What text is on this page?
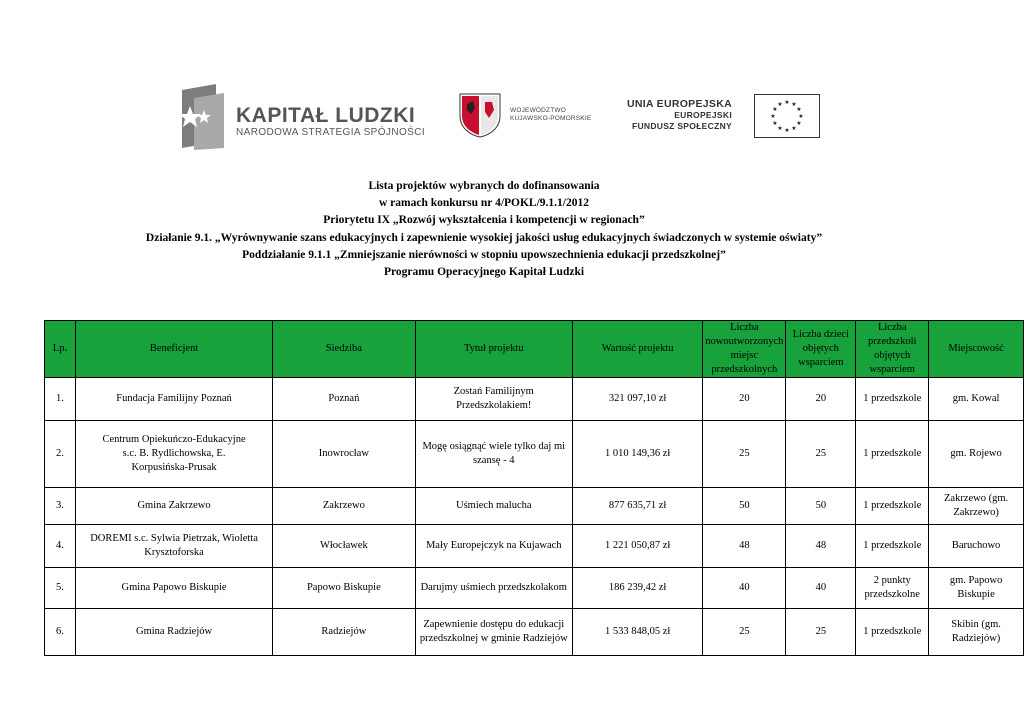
KAPITAŁ LUDZKI
NARODOWA STRATEGIA SPÓJNOŚCI
WOJEWÓDZTWO
KUJAWSKO-POMORSKIE
UNIA EUROPEJSKA
EUROPEJSKI
FUNDUSZ SPOŁECZNY
★ ★
★
★
★
★
★
★
★
★
★
★
Lista projektów wybranych do dofinansowania
w ramach konkursu nr 4/POKL/9.1.1/2012
Priorytetu IX „Rozwój wykształcenia i kompetencji w regionach”
Działanie 9.1. „Wyrównywanie szans edukacyjnych i zapewnienie wysokiej jakości usług edukacyjnych świadczonych w systemie oświaty”
Poddziałanie 9.1.1 „Zmniejszanie nierówności w stopniu upowszechnienia edukacji przedszkolnej”
Programu Operacyjnego Kapitał Ludzki
Lp.	Beneficjent	Siedziba	Tytuł projektu	Wartość projektu	Liczba nowoutworzonych miejsc przedszkolnych	Liczba dzieci objętych wsparciem	Liczba przedszkoli objętych wsparciem	Miejscowość
1.	Fundacja Familijny Poznań	Poznań	Zostań Familijnym Przedszkolakiem!	321 097,10 zł	20	20	1 przedszkole	gm. Kowal
2.	Centrum Opiekuńczo-Edukacyjne s.c. B. Rydlichowska, E. Korpusińska-Prusak	Inowrocław	Mogę osiągnąć wiele tylko daj mi szansę - 4	1 010 149,36 zł	25	25	1 przedszkole	gm. Rojewo
3.	Gmina Zakrzewo	Zakrzewo	Uśmiech malucha	877 635,71 zł	50	50	1 przedszkole	Zakrzewo (gm. Zakrzewo)
4.	DOREMI s.c. Sylwia Pietrzak, Wioletta Krysztoforska	Włocławek	Mały Europejczyk na Kujawach	1 221 050,87 zł	48	48	1 przedszkole	Baruchowo
5.	Gmina Papowo Biskupie	Papowo Biskupie	Darujmy uśmiech przedszkolakom	186 239,42 zł	40	40	2 punkty przedszkolne	gm. Papowo Biskupie
6.	Gmina Radziejów	Radziejów	Zapewnienie dostępu do edukacji przedszkolnej w gminie Radziejów	1 533 848,05 zł	25	25	1 przedszkole	Skibin (gm. Radziejów)
